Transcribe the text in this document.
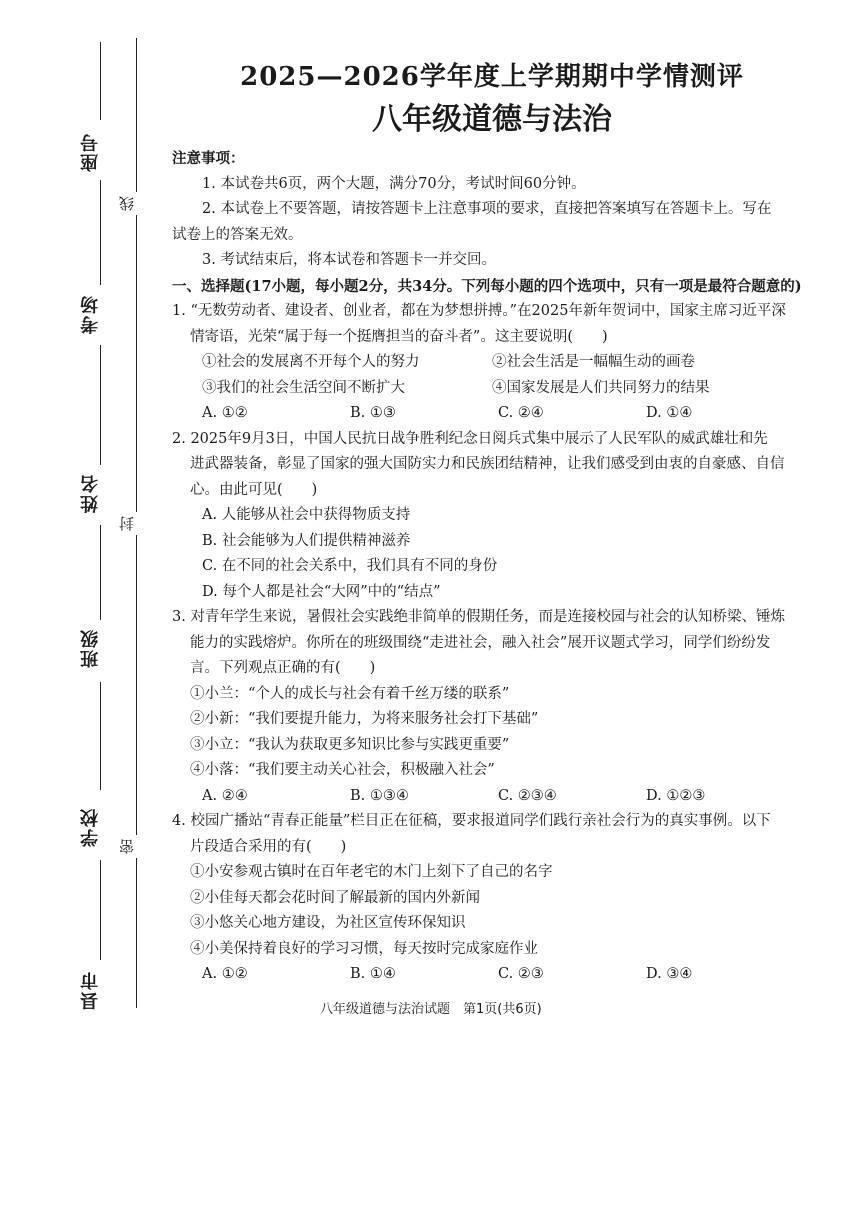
座号
考场
姓名
班级
学校
县市
线
封
密
2025—2026学年度上学期期中学情测评
八年级道德与法治
注意事项：
1. 本试卷共6页，两个大题，满分70分，考试时间60分钟。
2. 本试卷上不要答题，请按答题卡上注意事项的要求，直接把答案填写在答题卡上。写在
试卷上的答案无效。
3. 考试结束后，将本试卷和答题卡一并交回。
一、选择题(17小题，每小题2分，共34分。下列每小题的四个选项中，只有一项是最符合题意的)
1. “无数劳动者、建设者、创业者，都在为梦想拼搏。”在2025年新年贺词中，国家主席习近平深
情寄语，光荣“属于每一个挺膺担当的奋斗者”。这主要说明(　　)
①社会的发展离不开每个人的努力	②社会生活是一幅幅生动的画卷
③我们的社会生活空间不断扩大	④国家发展是人们共同努力的结果
A. ①②	B. ①③	C. ②④	D. ①④
2. 2025年9月3日，中国人民抗日战争胜利纪念日阅兵式集中展示了人民军队的威武雄壮和先
进武器装备，彰显了国家的强大国防实力和民族团结精神，让我们感受到由衷的自豪感、自信
心。由此可见(　　)
A. 人能够从社会中获得物质支持
B. 社会能够为人们提供精神滋养
C. 在不同的社会关系中，我们具有不同的身份
D. 每个人都是社会“大网”中的“结点”
3. 对青年学生来说，暑假社会实践绝非简单的假期任务，而是连接校园与社会的认知桥梁、锤炼
能力的实践熔炉。你所在的班级围绕“走进社会，融入社会”展开议题式学习，同学们纷纷发
言。下列观点正确的有(　　)
①小兰：“个人的成长与社会有着千丝万缕的联系”
②小新：“我们要提升能力，为将来服务社会打下基础”
③小立：“我认为获取更多知识比参与实践更重要”
④小落：“我们要主动关心社会，积极融入社会”
A. ②④	B. ①③④	C. ②③④	D. ①②③
4. 校园广播站“青春正能量”栏目正在征稿，要求报道同学们践行亲社会行为的真实事例。以下
片段适合采用的有(　　)
①小安参观古镇时在百年老宅的木门上刻下了自己的名字
②小佳每天都会花时间了解最新的国内外新闻
③小悠关心地方建设，为社区宣传环保知识
④小美保持着良好的学习习惯，每天按时完成家庭作业
A. ①②	B. ①④	C. ②③	D. ③④
八年级道德与法治试题　第1页(共6页)
